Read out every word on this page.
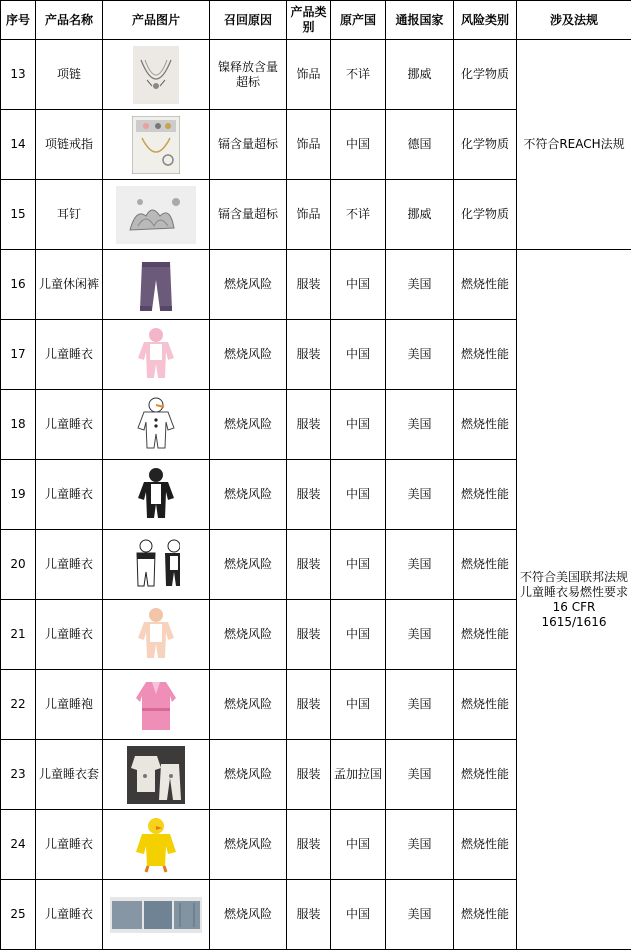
序号	产品名称	产品图片	召回原因	产品类别	原产国	通报国家	风险类别	涉及法规
13	项链		镍释放含量超标	饰品	不详	挪威	化学物质	不符合REACH法规
14	项链戒指		镉含量超标	饰品	中国	德国	化学物质	
15	耳钉		镉含量超标	饰品	不详	挪威	化学物质	
16	儿童休闲裤		燃烧风险	服装	中国	美国	燃烧性能	不符合美国联邦法规儿童睡衣易燃性要求16 CFR 1615/1616
17	儿童睡衣		燃烧风险	服装	中国	美国	燃烧性能	
18	儿童睡衣		燃烧风险	服装	中国	美国	燃烧性能	
19	儿童睡衣		燃烧风险	服装	中国	美国	燃烧性能	
20	儿童睡衣		燃烧风险	服装	中国	美国	燃烧性能	
21	儿童睡衣		燃烧风险	服装	中国	美国	燃烧性能	
22	儿童睡袍		燃烧风险	服装	中国	美国	燃烧性能	
23	儿童睡衣套		燃烧风险	服装	孟加拉国	美国	燃烧性能	
24	儿童睡衣		燃烧风险	服装	中国	美国	燃烧性能	
25	儿童睡衣		燃烧风险	服装	中国	美国	燃烧性能	
